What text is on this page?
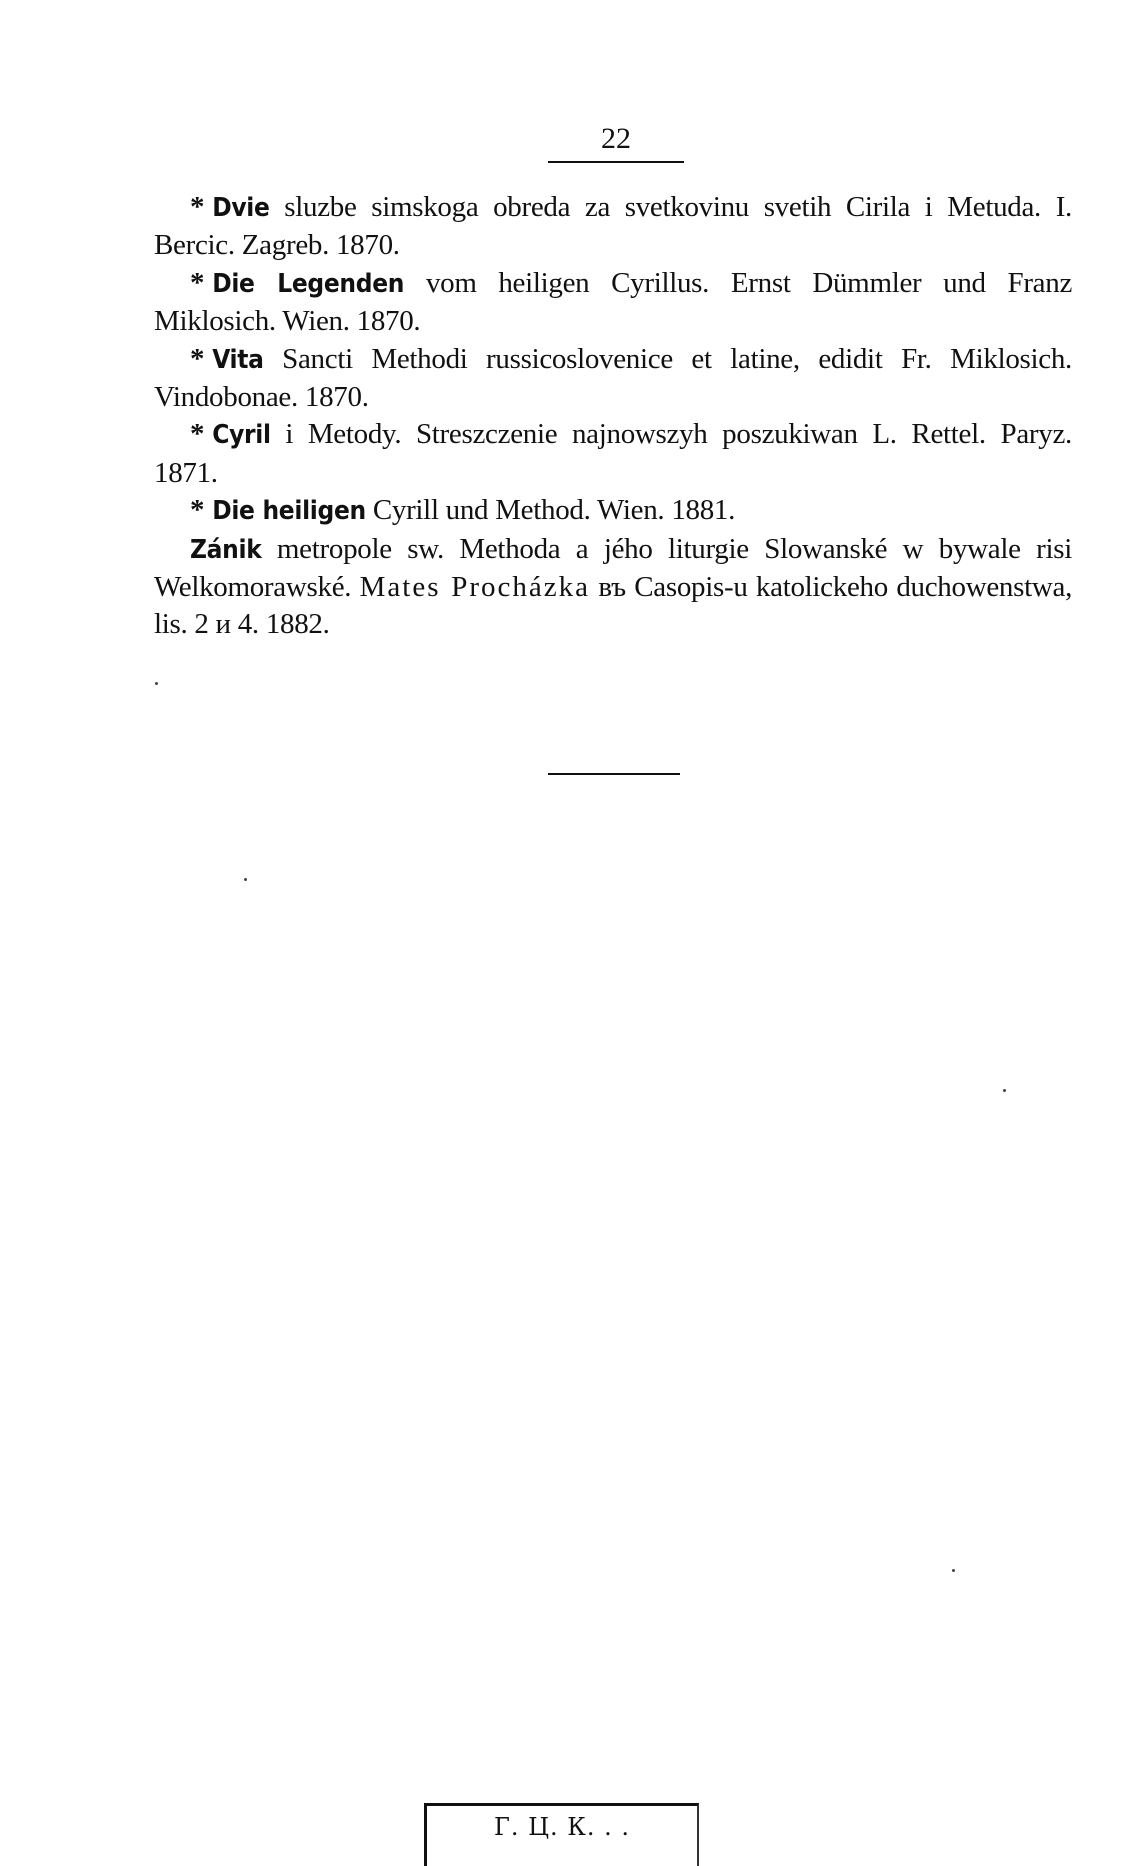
22

* Dvie sluzbe simskoga obreda za svetkovinu svetih Cirila i Metuda. I. Bercic. Zagreb. 1870.

* Die Legenden vom heiligen Cyrillus. Ernst Dümmler und Franz Miklosich. Wien. 1870.

* Vita Sancti Methodi russicoslovenice et latine, edidit Fr. Miklosich. Vindobonae. 1870.

* Cyril i Metody. Streszczenie najnowszyh poszukiwan L. Rettel. Paryz. 1871.

* Die heiligen Cyrill und Method. Wien. 1881.

Zánik metropole sw. Methoda a jého liturgie Slowanské w bywale risi Welkomorawské. Mates Procházka въ Casopis-u katolickeho duchowenstwa, lis. 2 и 4. 1882.

Г. Ц. К. . .
